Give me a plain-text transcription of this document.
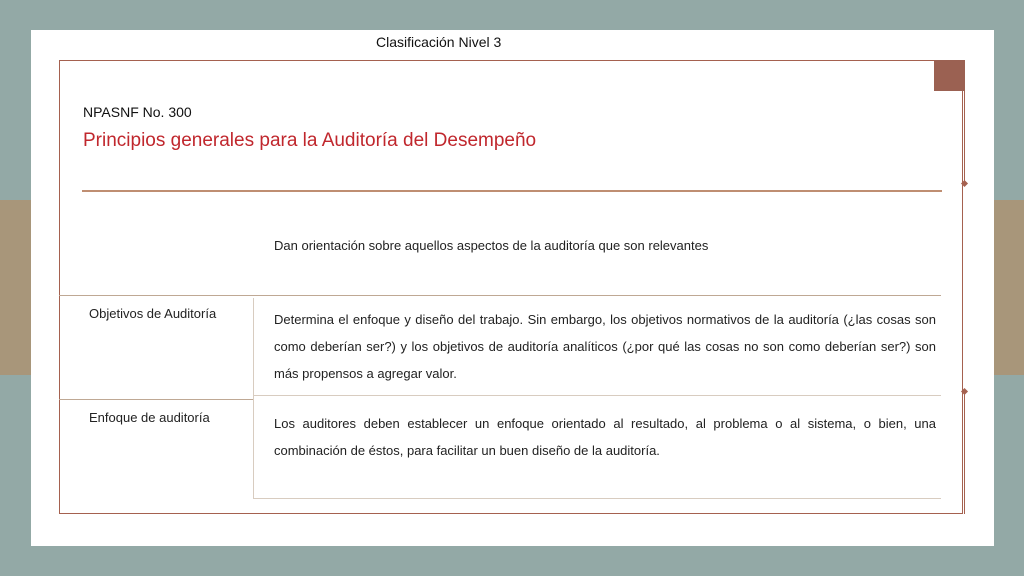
Clasificación Nivel 3
NPASNF No. 300
Principios generales para la Auditoría del Desempeño
Dan orientación sobre aquellos aspectos de la auditoría que son relevantes
Objetivos de Auditoría	Determina el enfoque y diseño del trabajo. Sin embargo, los objetivos normativos de la auditoría (¿las cosas son como deberían ser?) y los objetivos de auditoría analíticos (¿por qué las cosas no son como deberían ser?) son más propensos a agregar valor.
Enfoque de auditoría	Los auditores deben establecer un enfoque orientado al resultado, al problema o al sistema, o bien, una combinación de éstos, para facilitar un buen diseño de la auditoría.
